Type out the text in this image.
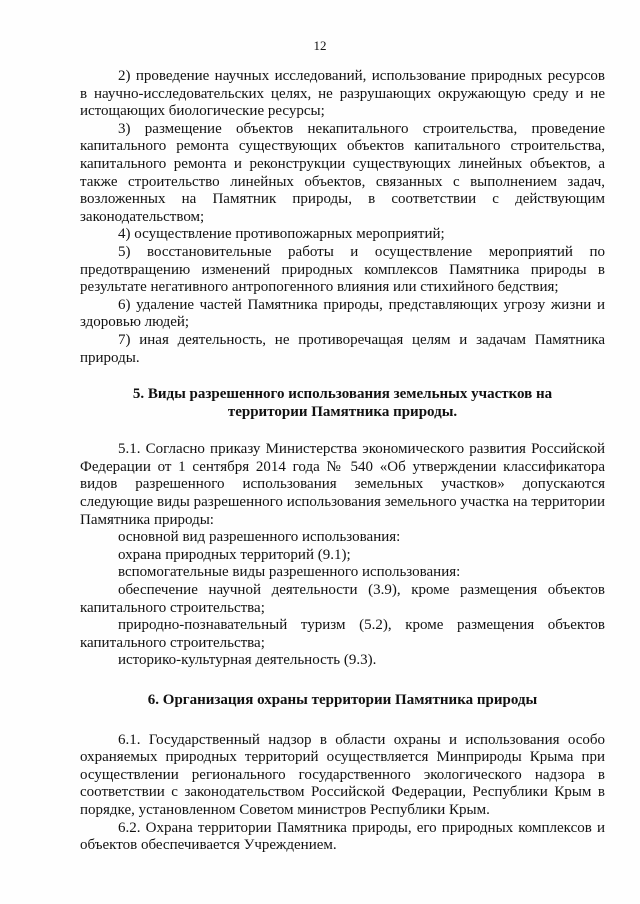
12

2) проведение научных исследований, использование природных ресурсов в научно-исследовательских целях, не разрушающих окружающую среду и не истощающих биологические ресурсы;

3) размещение объектов некапитального строительства, проведение капитального ремонта существующих объектов капитального строительства, капитального ремонта и реконструкции существующих линейных объектов, а также строительство линейных объектов, связанных с выполнением задач, возложенных на Памятник природы, в соответствии с действующим законодательством;

4) осуществление противопожарных мероприятий;

5) восстановительные работы и осуществление мероприятий по предотвращению изменений природных комплексов Памятника природы в результате негативного антропогенного влияния или стихийного бедствия;

6) удаление частей Памятника природы, представляющих угрозу жизни и здоровью людей;

7) иная деятельность, не противоречащая целям и задачам Памятника природы.

5. Виды разрешенного использования земельных участков на
территории Памятника природы.

5.1. Согласно приказу Министерства экономического развития Российской Федерации от 1 сентября 2014 года № 540 «Об утверждении классификатора видов разрешенного использования земельных участков» допускаются следующие виды разрешенного использования земельного участка на территории Памятника природы:

основной вид разрешенного использования:

охрана природных территорий (9.1);

вспомогательные виды разрешенного использования:

обеспечение научной деятельности (3.9), кроме размещения объектов капитального строительства;

природно-познавательный туризм (5.2), кроме размещения объектов капитального строительства;

историко-культурная деятельность (9.3).

6. Организация охраны территории Памятника природы

6.1. Государственный надзор в области охраны и использования особо охраняемых природных территорий осуществляется Минприроды Крыма при осуществлении регионального государственного экологического надзора в соответствии с законодательством Российской Федерации, Республики Крым в порядке, установленном Советом министров Республики Крым.

6.2. Охрана территории Памятника природы, его природных комплексов и объектов обеспечивается Учреждением.
